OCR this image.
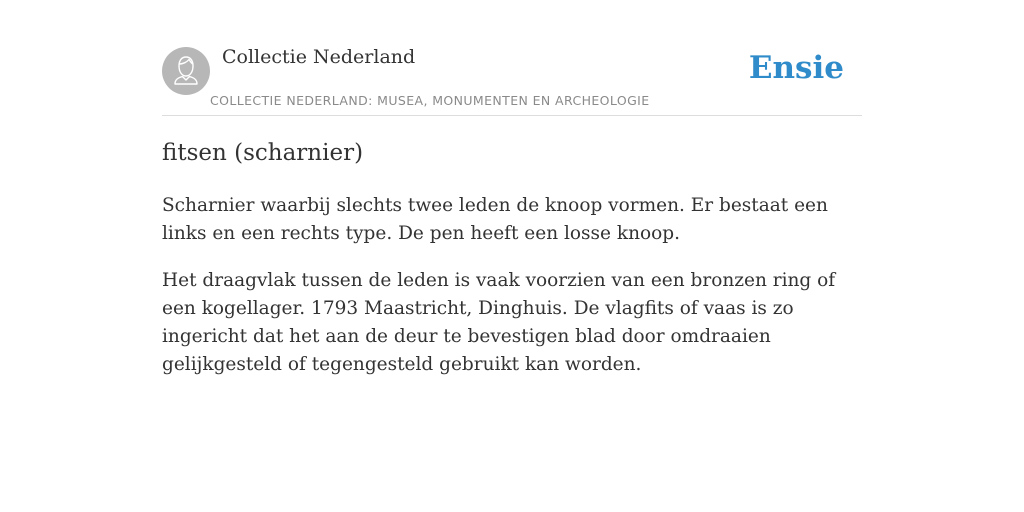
Collectie Nederland
COLLECTIE NEDERLAND: MUSEA, MONUMENTEN EN ARCHEOLOGIE
Ensie
fitsen (scharnier)

Scharnier waarbij slechts twee leden de knoop vormen. Er bestaat een links en een rechts type. De pen heeft een losse knoop.

Het draagvlak tussen de leden is vaak voorzien van een bronzen ring of een kogellager. 1793 Maastricht, Dinghuis. De vlagfits of vaas is zo ingericht dat het aan de deur te bevestigen blad door omdraaien gelijkgesteld of tegengesteld gebruikt kan worden.
